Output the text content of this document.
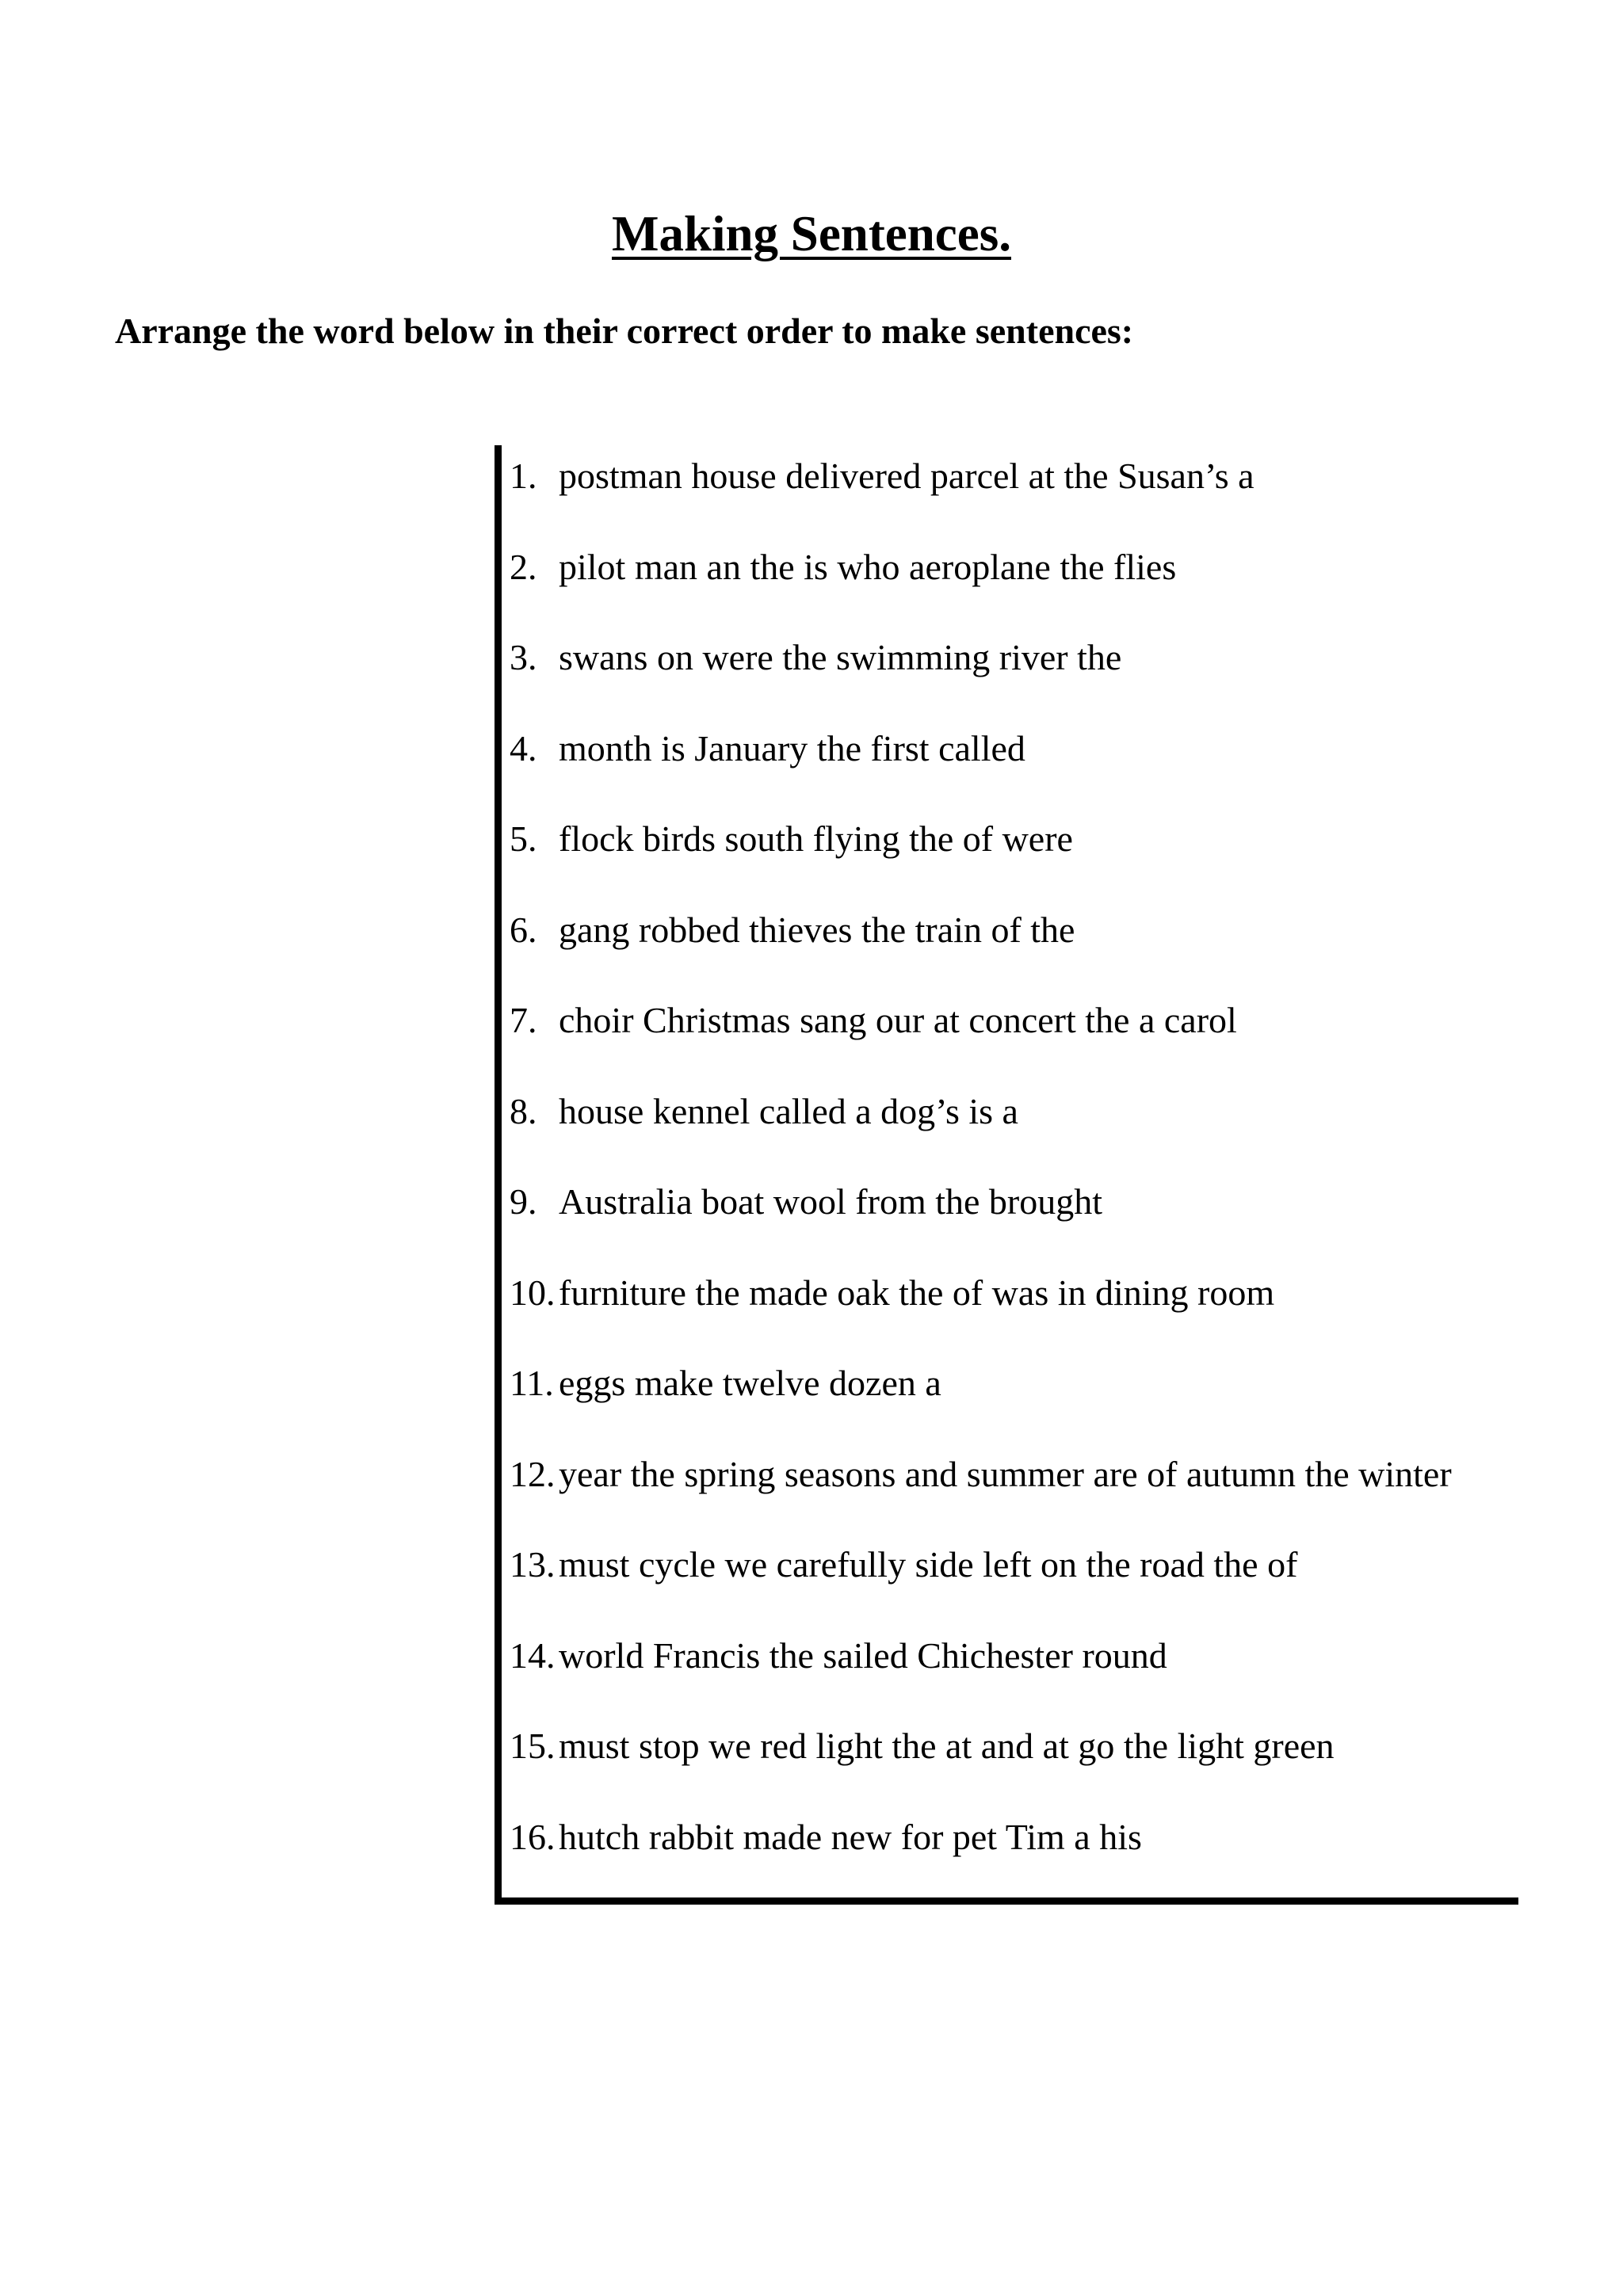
Making Sentences.
Arrange the word below in their correct order to make sentences:
1. postman house delivered parcel at the Susan’s a
2. pilot man an the is who aeroplane the flies
3. swans on were the swimming river the
4. month is January the first called
5. flock birds south flying the of were
6. gang robbed thieves the train of the
7. choir Christmas sang our at concert the a carol
8. house kennel called a dog’s is a
9. Australia boat wool from the brought
10. furniture the made oak the of was in dining room
11. eggs make twelve dozen a
12. year the spring seasons and summer are of autumn the winter
13. must cycle we carefully side left on the road the of
14. world Francis the sailed Chichester round
15. must stop we red light the at and at go the light green
16. hutch rabbit made new for pet Tim a his
